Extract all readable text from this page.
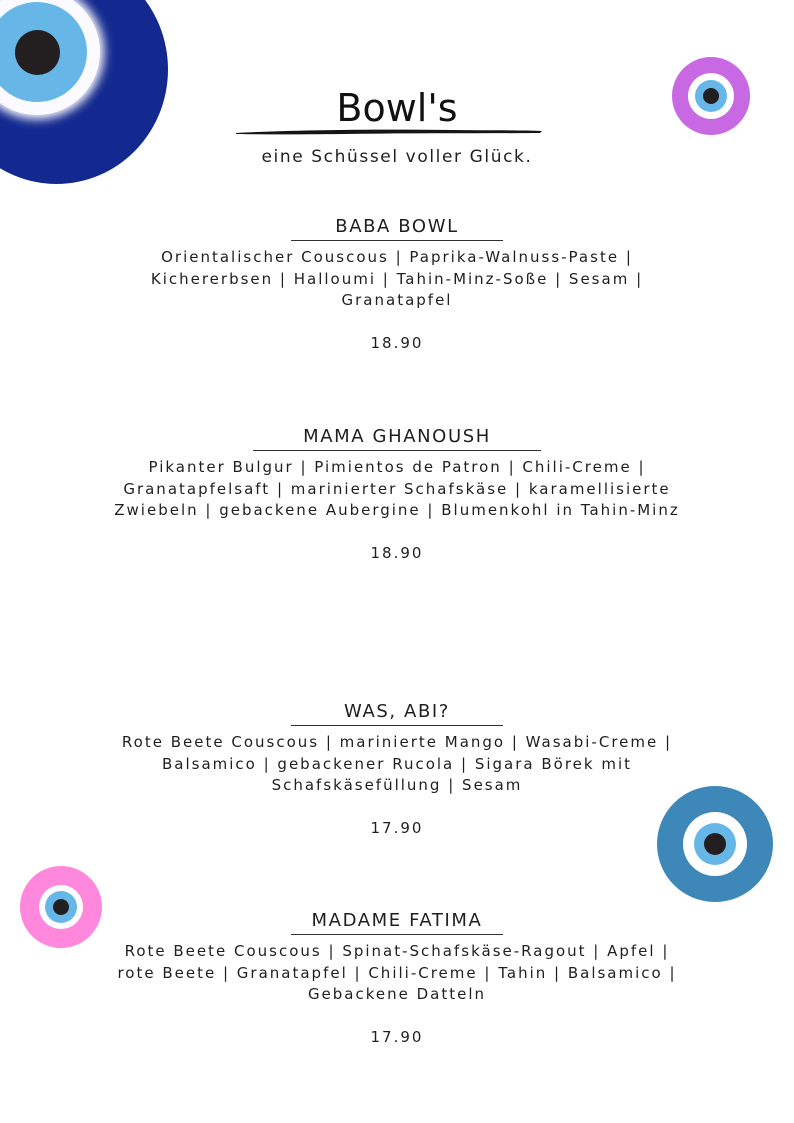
Bowl's

eine Schüssel voller Glück.

BABA BOWL

Orientalischer Couscous | Paprika-Walnuss-Paste | Kichererbsen | Halloumi | Tahin-Minz-Soße | Sesam | Granatapfel

18.90

MAMA GHANOUSH

Pikanter Bulgur | Pimientos de Patron | Chili-Creme | Granatapfelsaft | marinierter Schafskäse | karamellisierte Zwiebeln | gebackene Aubergine | Blumenkohl in Tahin-Minz

18.90

WAS, ABI?

Rote Beete Couscous | marinierte Mango | Wasabi-Creme | Balsamico | gebackener Rucola | Sigara Börek mit Schafskäsefüllung | Sesam

17.90

MADAME FATIMA

Rote Beete Couscous | Spinat-Schafskäse-Ragout | Apfel | rote Beete | Granatapfel | Chili-Creme | Tahin | Balsamico | Gebackene Datteln

17.90
